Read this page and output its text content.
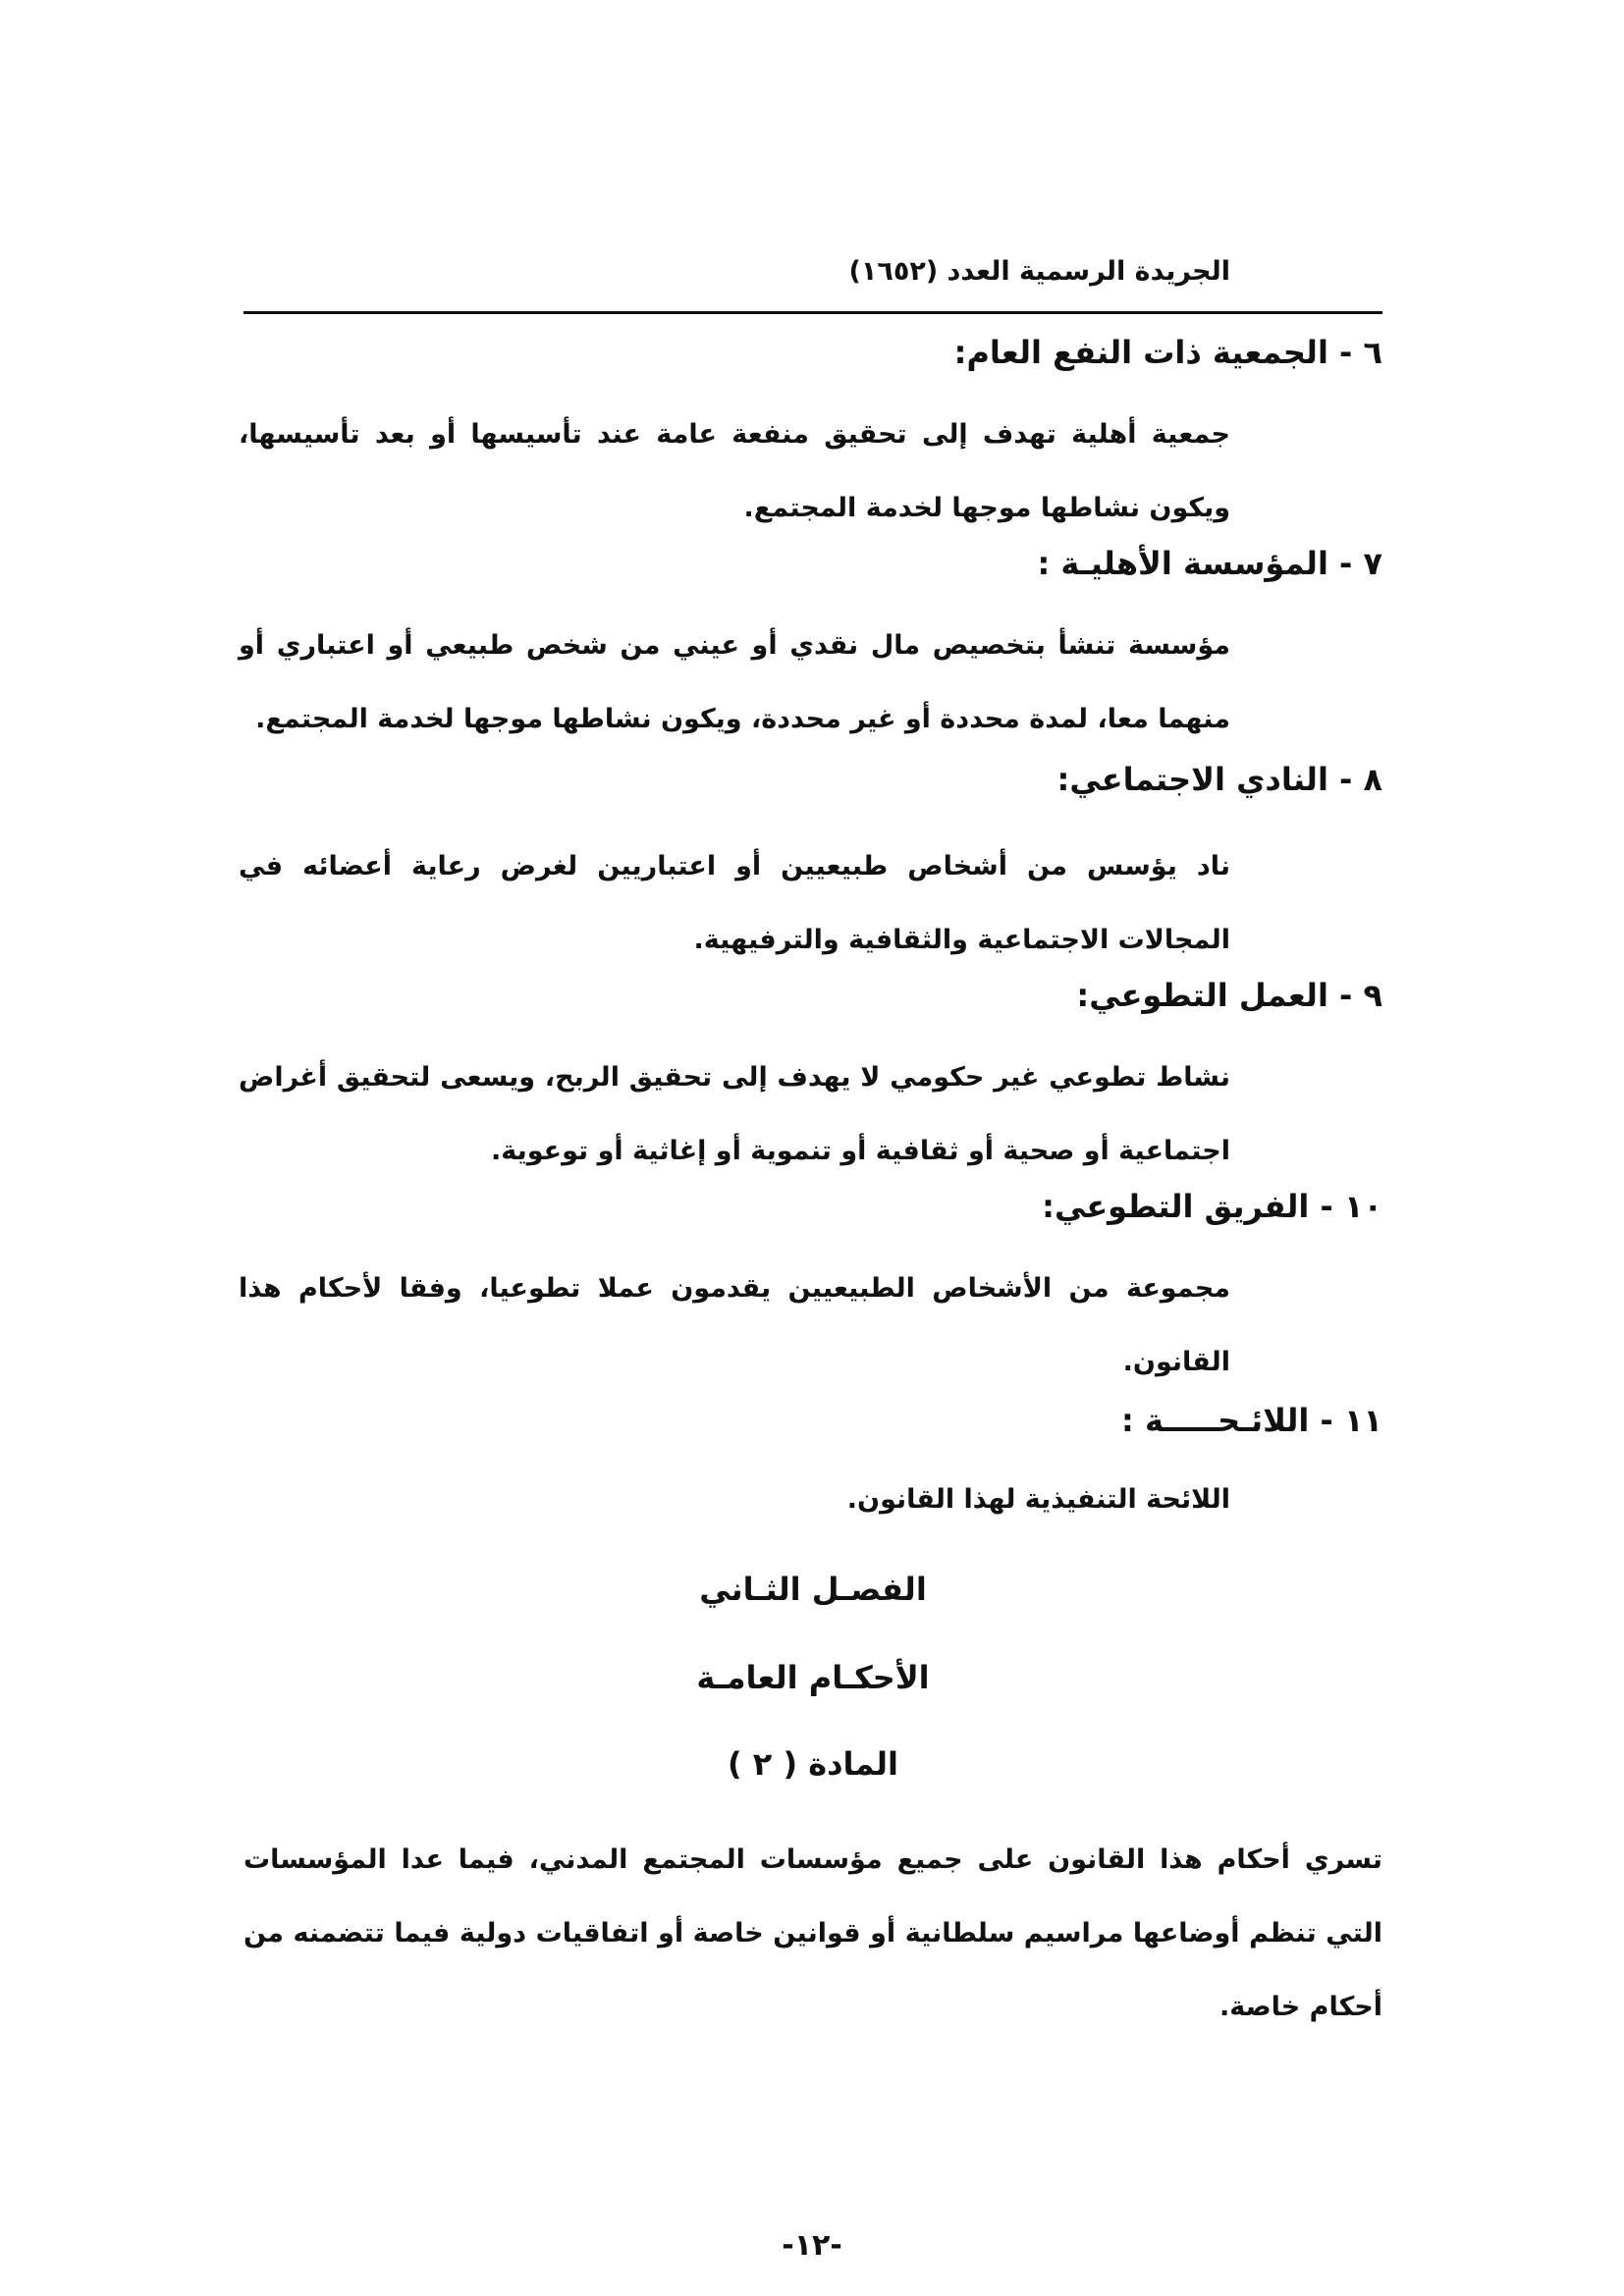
الجريدة الرسمية العدد (١٦٥٢)
٦ - الجمعية ذات النفع العام:
جمعية أهلية تهدف إلى تحقيق منفعة عامة عند تأسيسها أو بعد تأسيسها، ويكون نشاطها موجها لخدمة المجتمع.
٧ - المؤسسة الأهليـة :
مؤسسة تنشأ بتخصيص مال نقدي أو عيني من شخص طبيعي أو اعتباري أو منهما معا، لمدة محددة أو غير محددة، ويكون نشاطها موجها لخدمة المجتمع.
٨ - النادي الاجتماعي:
ناد يؤسس من أشخاص طبيعيين أو اعتباريين لغرض رعاية أعضائه في المجالات الاجتماعية والثقافية والترفيهية.
٩ - العمل التطوعي:
نشاط تطوعي غير حكومي لا يهدف إلى تحقيق الربح، ويسعى لتحقيق أغراض اجتماعية أو صحية أو ثقافية أو تنموية أو إغاثية أو توعوية.
١٠ - الفريق التطوعي:
مجموعة من الأشخاص الطبيعيين يقدمون عملا تطوعيا، وفقا لأحكام هذا القانون.
١١ - اللائـحـــــة :
اللائحة التنفيذية لهذا القانون.
الفصـل الثـاني
الأحكـام العامـة
المادة ( ٢ )
تسري أحكام هذا القانون على جميع مؤسسات المجتمع المدني، فيما عدا المؤسسات التي تنظم أوضاعها مراسيم سلطانية أو قوانين خاصة أو اتفاقيات دولية فيما تتضمنه من أحكام خاصة.
-١٢-
